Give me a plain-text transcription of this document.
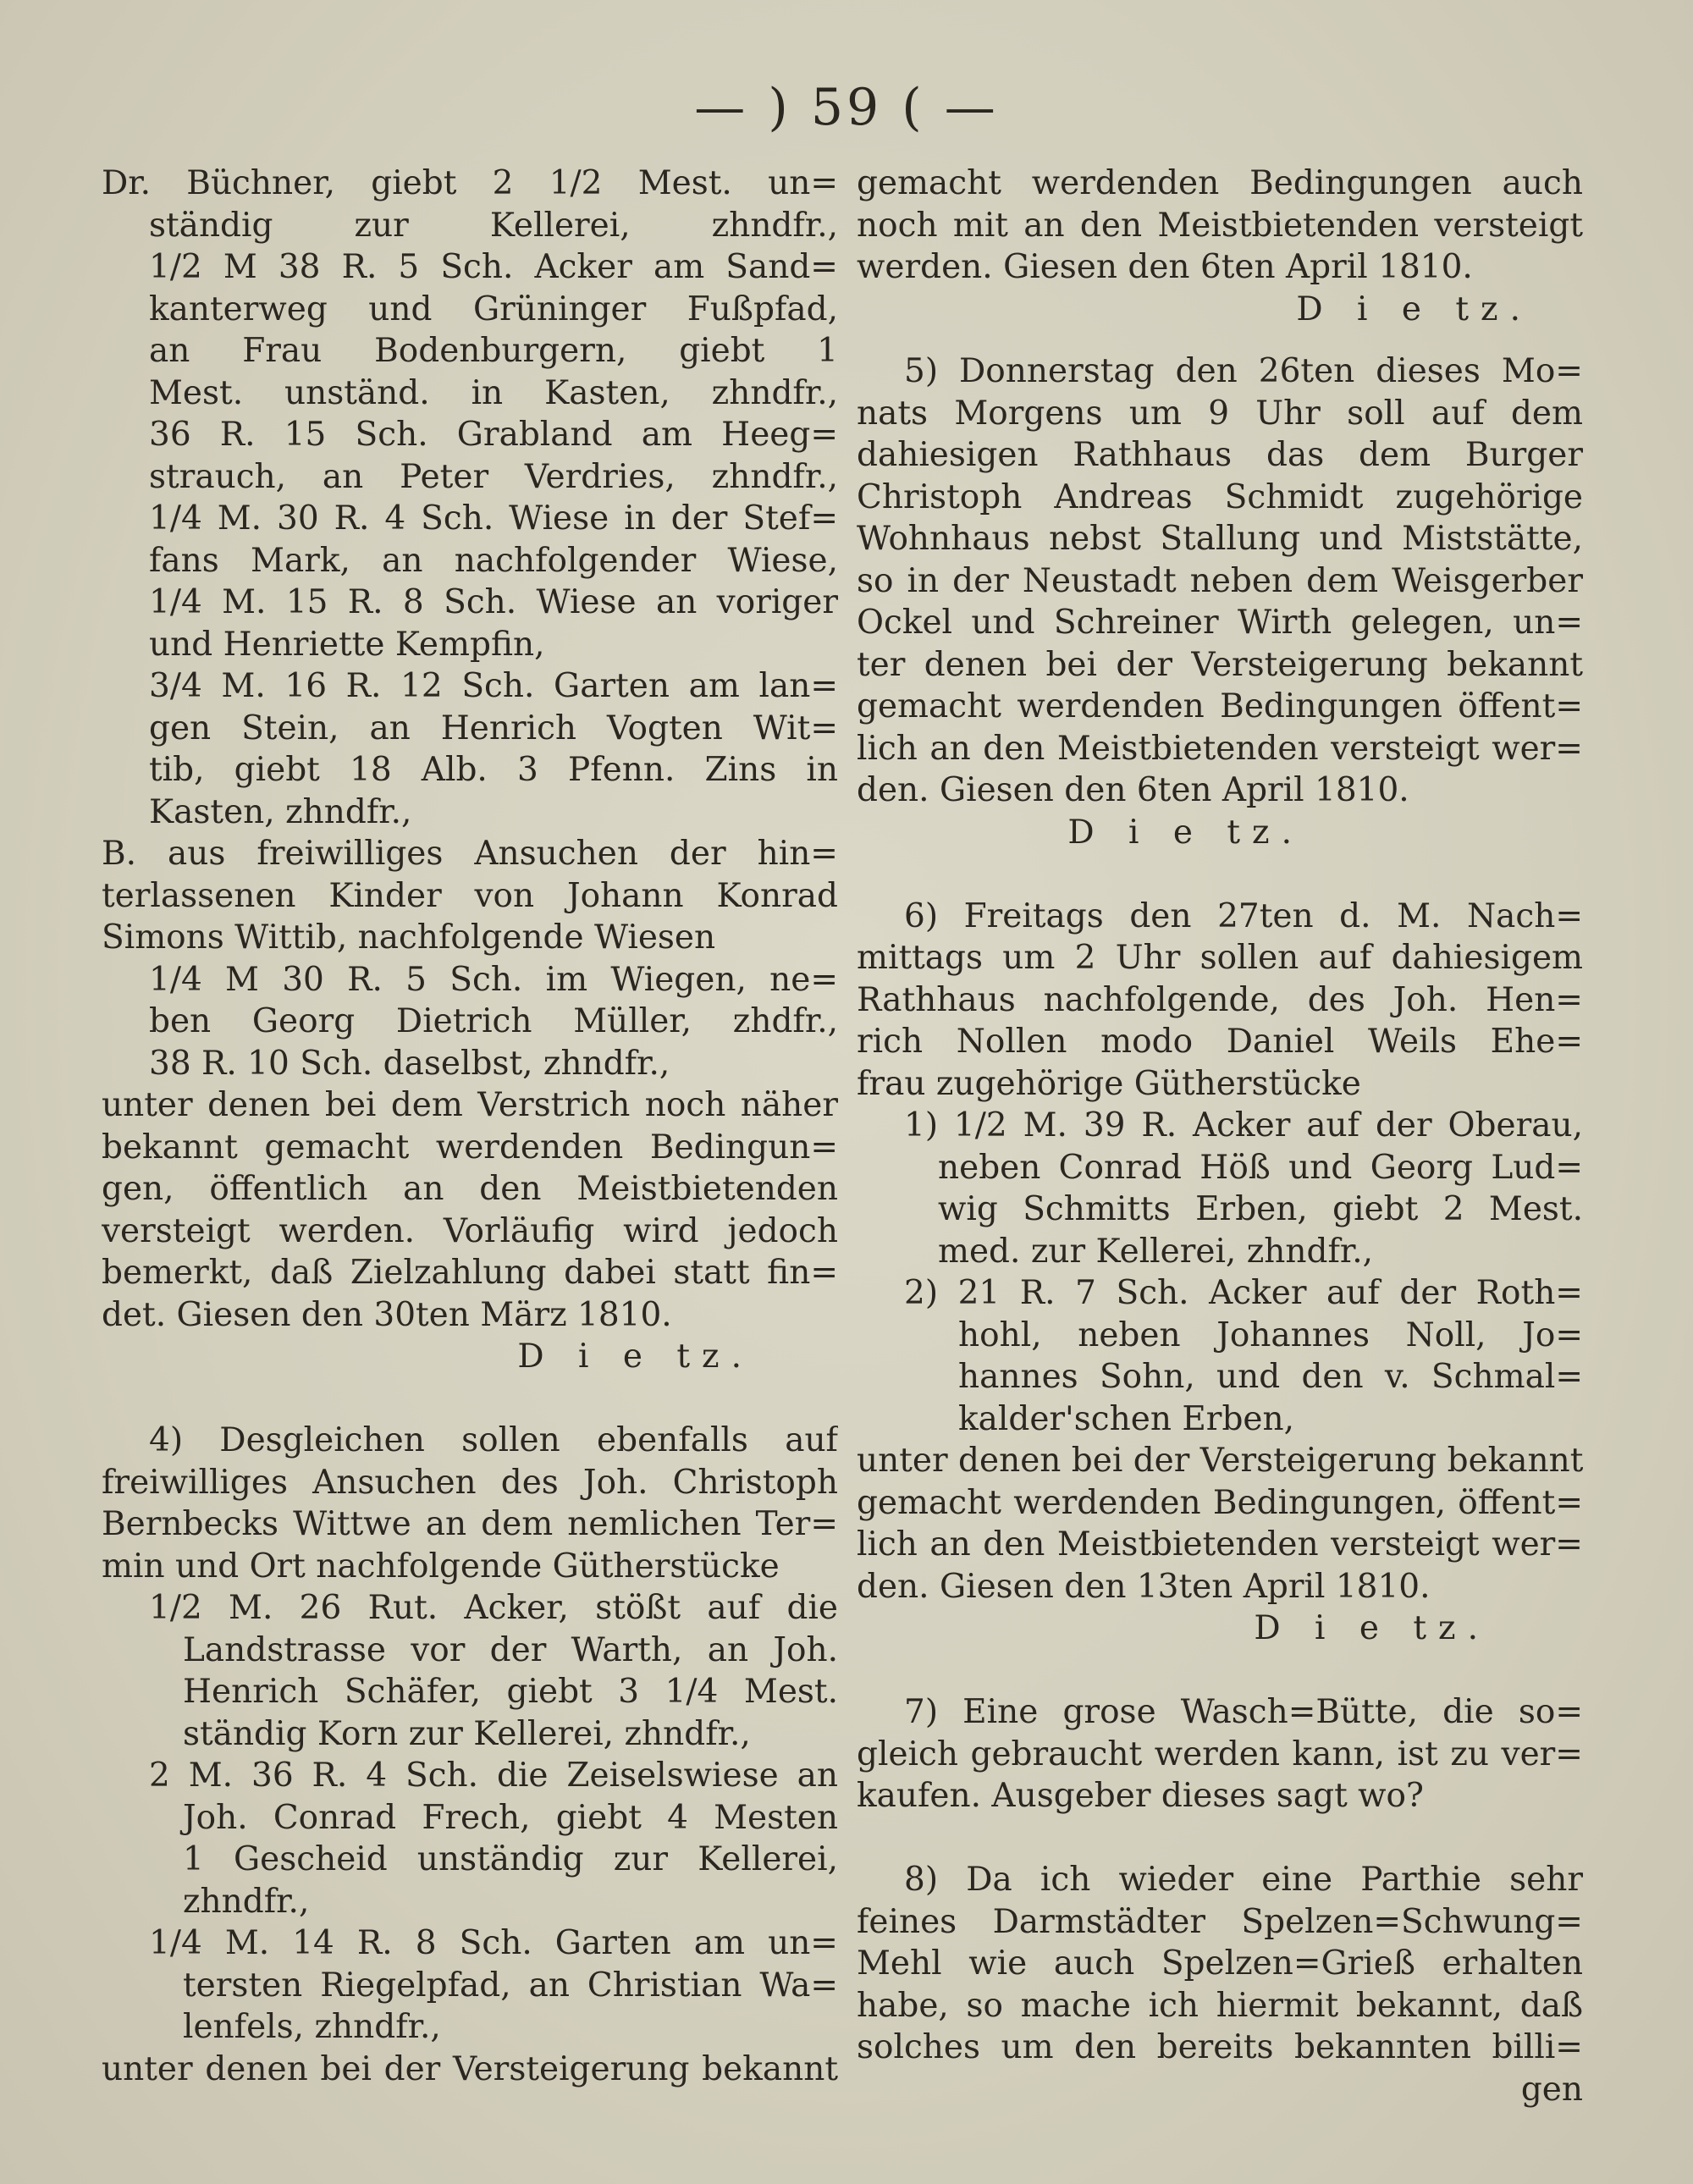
— ) 59 ( —
Dr. Büchner, giebt 2 1/2 Mest. un=
ständig zur Kellerei, zhndfr.,
1/2 M 38 R. 5 Sch. Acker am Sand=
kanterweg und Grüninger Fußpfad,
an Frau Bodenburgern, giebt 1
Mest. unständ. in Kasten, zhndfr.,
36 R. 15 Sch. Grabland am Heeg=
strauch, an Peter Verdries, zhndfr.,
1/4 M. 30 R. 4 Sch. Wiese in der Stef=
fans Mark, an nachfolgender Wiese,
1/4 M. 15 R. 8 Sch. Wiese an voriger
und Henriette Kempfin,
3/4 M. 16 R. 12 Sch. Garten am lan=
gen Stein, an Henrich Vogten Wit=
tib, giebt 18 Alb. 3 Pfenn. Zins in
Kasten, zhndfr.,
B. aus freiwilliges Ansuchen der hin=
terlassenen Kinder von Johann Konrad
Simons Wittib, nachfolgende Wiesen
1/4 M 30 R. 5 Sch. im Wiegen, ne=
ben Georg Dietrich Müller, zhdfr.,
38 R. 10 Sch. daselbst, zhndfr.,
unter denen bei dem Verstrich noch näher
bekannt gemacht werdenden Bedingun=
gen, öffentlich an den Meistbietenden
versteigt werden. Vorläufig wird jedoch
bemerkt, daß Zielzahlung dabei statt fin=
det. Giesen den 30ten März 1810.
D i e tz.
4) Desgleichen sollen ebenfalls auf
freiwilliges Ansuchen des Joh. Christoph
Bernbecks Wittwe an dem nemlichen Ter=
min und Ort nachfolgende Gütherstücke
1/2 M. 26 Rut. Acker, stößt auf die
Landstrasse vor der Warth, an Joh.
Henrich Schäfer, giebt 3 1/4 Mest.
ständig Korn zur Kellerei, zhndfr.,
2 M. 36 R. 4 Sch. die Zeiselswiese an
Joh. Conrad Frech, giebt 4 Mesten
1 Gescheid unständig zur Kellerei,
zhndfr.,
1/4 M. 14 R. 8 Sch. Garten am un=
tersten Riegelpfad, an Christian Wa=
lenfels, zhndfr.,
unter denen bei der Versteigerung bekannt
gemacht werdenden Bedingungen auch
noch mit an den Meistbietenden versteigt
werden. Giesen den 6ten April 1810.
D i e tz.
5) Donnerstag den 26ten dieses Mo=
nats Morgens um 9 Uhr soll auf dem
dahiesigen Rathhaus das dem Burger
Christoph Andreas Schmidt zugehörige
Wohnhaus nebst Stallung und Miststätte,
so in der Neustadt neben dem Weisgerber
Ockel und Schreiner Wirth gelegen, un=
ter denen bei der Versteigerung bekannt
gemacht werdenden Bedingungen öffent=
lich an den Meistbietenden versteigt wer=
den. Giesen den 6ten April 1810.
D i e tz.
6) Freitags den 27ten d. M. Nach=
mittags um 2 Uhr sollen auf dahiesigem
Rathhaus nachfolgende, des Joh. Hen=
rich Nollen modo Daniel Weils Ehe=
frau zugehörige Gütherstücke
1) 1/2 M. 39 R. Acker auf der Oberau,
neben Conrad Höß und Georg Lud=
wig Schmitts Erben, giebt 2 Mest.
med. zur Kellerei, zhndfr.,
2) 21 R. 7 Sch. Acker auf der Roth=
hohl, neben Johannes Noll, Jo=
hannes Sohn, und den v. Schmal=
kalder'schen Erben,
unter denen bei der Versteigerung bekannt
gemacht werdenden Bedingungen, öffent=
lich an den Meistbietenden versteigt wer=
den. Giesen den 13ten April 1810.
D i e tz.
7) Eine grose Wasch=Bütte, die so=
gleich gebraucht werden kann, ist zu ver=
kaufen. Ausgeber dieses sagt wo?
8) Da ich wieder eine Parthie sehr
feines Darmstädter Spelzen=Schwung=
Mehl wie auch Spelzen=Grieß erhalten
habe, so mache ich hiermit bekannt, daß
solches um den bereits bekannten billi=
gen
